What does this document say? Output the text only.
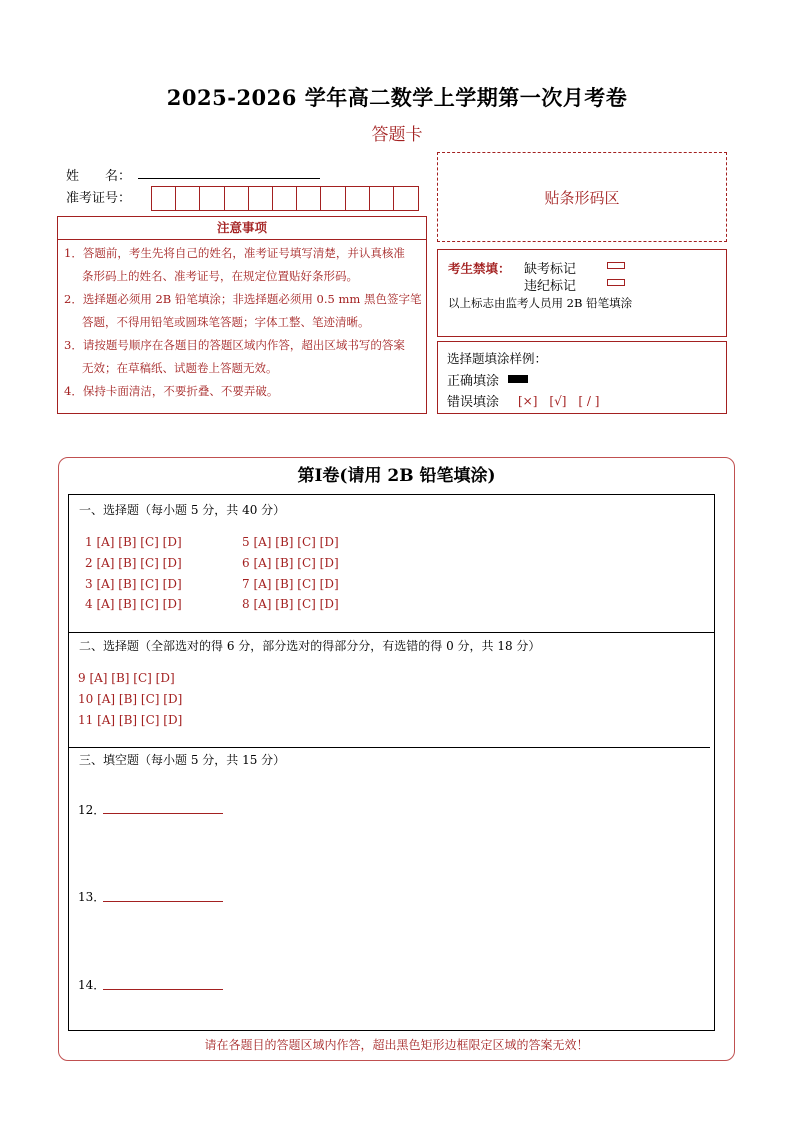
2025-2026 学年高二数学上学期第一次月考卷
答题卡
姓　　名：
准考证号：	贴条形码区
注意事项
1．答题前，考生先将自己的姓名，准考证号填写清楚，并认真核准
条形码上的姓名、准考证号，在规定位置贴好条形码。
2．选择题必须用 2B 铅笔填涂；非选择题必须用 0.5 mm 黑色签字笔
答题，不得用铅笔或圆珠笔答题；字体工整、笔迹清晰。
3．请按题号顺序在各题目的答题区域内作答，超出区域书写的答案
无效；在草稿纸、试题卷上答题无效。
4．保持卡面清洁，不要折叠、不要弄破。
考生禁填： 缺考标记
违纪标记
以上标志由监考人员用 2B 铅笔填涂
选择题填涂样例：
正确填涂
错误填涂 [×]　[√]　[ / ]
第Ⅰ卷(请用 2B 铅笔填涂)
一、选择题（每小题 5 分，共 40 分）
1 [A] [B] [C] [D]
2 [A] [B] [C] [D]
3 [A] [B] [C] [D]
4 [A] [B] [C] [D]
5 [A] [B] [C] [D]
6 [A] [B] [C] [D]
7 [A] [B] [C] [D]
8 [A] [B] [C] [D]
二、选择题（全部选对的得 6 分，部分选对的得部分分，有选错的得 0 分，共 18 分）
9 [A] [B] [C] [D]
10 [A] [B] [C] [D]
11 [A] [B] [C] [D]
三、填空题（每小题 5 分，共 15 分）
12．
13．
14．
请在各题目的答题区域内作答，超出黑色矩形边框限定区域的答案无效！
